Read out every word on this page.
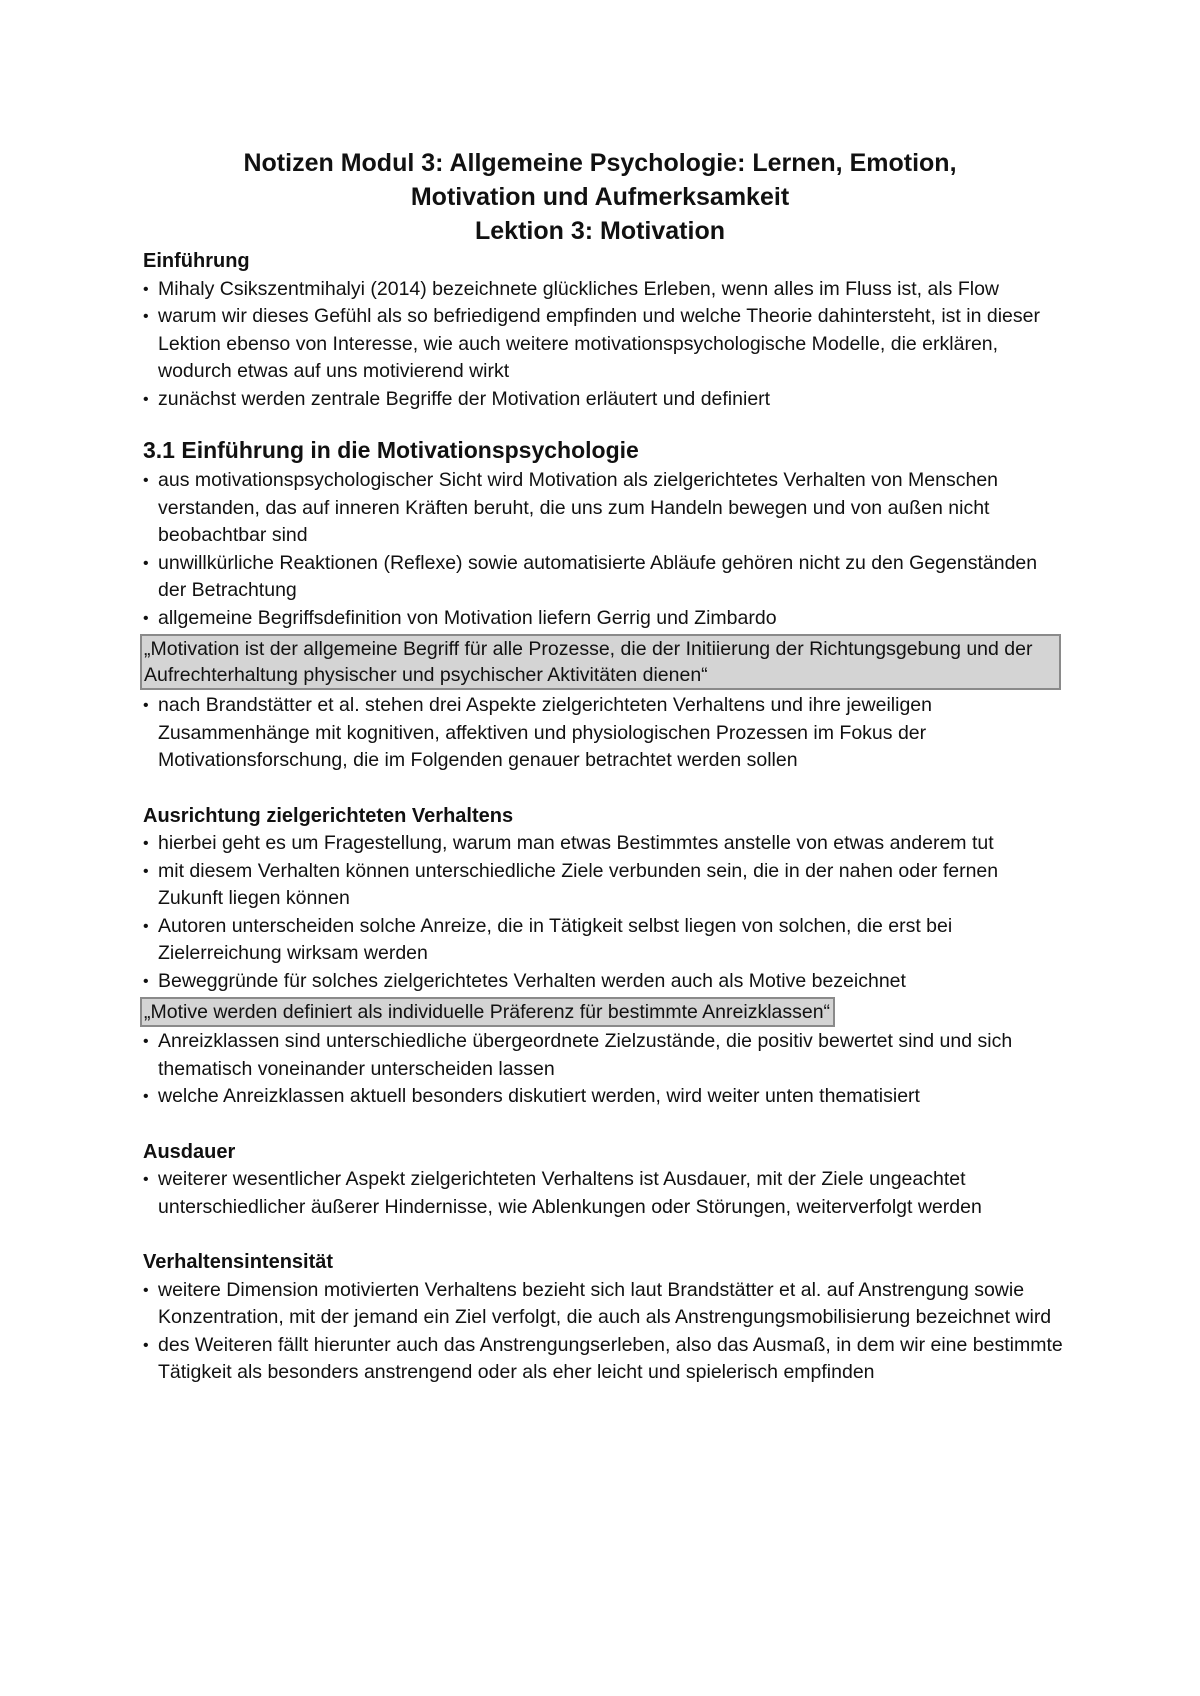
Notizen Modul 3: Allgemeine Psychologie: Lernen, Emotion,
Motivation und Aufmerksamkeit
Lektion 3: Motivation
Einführung
• Mihaly Csikszentmihalyi (2014) bezeichnete glückliches Erleben, wenn alles im Fluss ist, als Flow
• warum wir dieses Gefühl als so befriedigend empfinden und welche Theorie dahintersteht, ist in dieser Lektion ebenso von Interesse, wie auch weitere motivationspsychologische Modelle, die erklären, wodurch etwas auf uns motivierend wirkt
• zunächst werden zentrale Begriffe der Motivation erläutert und definiert
3.1 Einführung in die Motivationspsychologie
• aus motivationspsychologischer Sicht wird Motivation als zielgerichtetes Verhalten von Menschen verstanden, das auf inneren Kräften beruht, die uns zum Handeln bewegen und von außen nicht beobachtbar sind
• unwillkürliche Reaktionen (Reflexe) sowie automatisierte Abläufe gehören nicht zu den Gegenständen der Betrachtung
• allgemeine Begriffsdefinition von Motivation liefern Gerrig und Zimbardo
„Motivation ist der allgemeine Begriff für alle Prozesse, die der Initiierung der Richtungsgebung und der Aufrechterhaltung physischer und psychischer Aktivitäten dienen“
• nach Brandstätter et al. stehen drei Aspekte zielgerichteten Verhaltens und ihre jeweiligen Zusammenhänge mit kognitiven, affektiven und physiologischen Prozessen im Fokus der Motivationsforschung, die im Folgenden genauer betrachtet werden sollen
Ausrichtung zielgerichteten Verhaltens
• hierbei geht es um Fragestellung, warum man etwas Bestimmtes anstelle von etwas anderem tut
• mit diesem Verhalten können unterschiedliche Ziele verbunden sein, die in der nahen oder fernen Zukunft liegen können
• Autoren unterscheiden solche Anreize, die in Tätigkeit selbst liegen von solchen, die erst bei Zielerreichung wirksam werden
• Beweggründe für solches zielgerichtetes Verhalten werden auch als Motive bezeichnet
„Motive werden definiert als individuelle Präferenz für bestimmte Anreizklassen“
• Anreizklassen sind unterschiedliche übergeordnete Zielzustände, die positiv bewertet sind und sich thematisch voneinander unterscheiden lassen
• welche Anreizklassen aktuell besonders diskutiert werden, wird weiter unten thematisiert
Ausdauer
• weiterer wesentlicher Aspekt zielgerichteten Verhaltens ist Ausdauer, mit der Ziele ungeachtet unterschiedlicher äußerer Hindernisse, wie Ablenkungen oder Störungen, weiterverfolgt werden
Verhaltensintensität
• weitere Dimension motivierten Verhaltens bezieht sich laut Brandstätter et al. auf Anstrengung sowie Konzentration, mit der jemand ein Ziel verfolgt, die auch als Anstrengungsmobilisierung bezeichnet wird
• des Weiteren fällt hierunter auch das Anstrengungserleben, also das Ausmaß, in dem wir eine bestimmte Tätigkeit als besonders anstrengend oder als eher leicht und spielerisch empfinden
